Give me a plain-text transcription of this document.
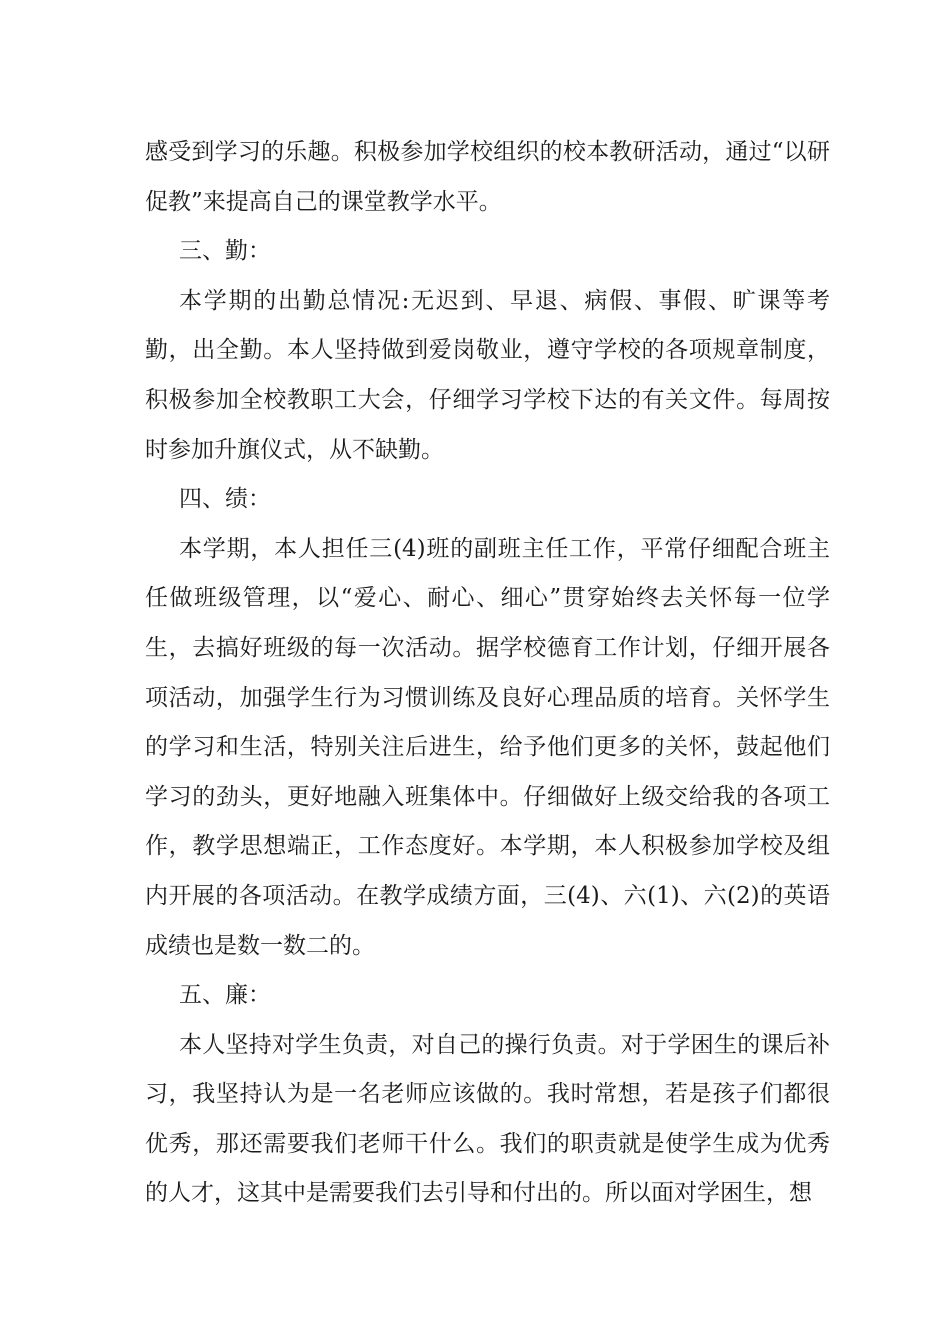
感受到学习的乐趣。积极参加学校组织的校本教研活动，通过“以研促教”来提高自己的课堂教学水平。

三、勤：

本学期的出勤总情况:无迟到、早退、病假、事假、旷课等考勤，出全勤。本人坚持做到爱岗敬业，遵守学校的各项规章制度，积极参加全校教职工大会，仔细学习学校下达的有关文件。每周按时参加升旗仪式，从不缺勤。

四、绩：

本学期，本人担任三(4)班的副班主任工作，平常仔细配合班主任做班级管理，以“爱心、耐心、细心”贯穿始终去关怀每一位学生，去搞好班级的每一次活动。据学校德育工作计划，仔细开展各项活动，加强学生行为习惯训练及良好心理品质的培育。关怀学生的学习和生活，特别关注后进生，给予他们更多的关怀，鼓起他们学习的劲头，更好地融入班集体中。仔细做好上级交给我的各项工作，教学思想端正，工作态度好。本学期，本人积极参加学校及组内开展的各项活动。在教学成绩方面，三(4)、六(1)、六(2)的英语成绩也是数一数二的。

五、廉：

本人坚持对学生负责，对自己的操行负责。对于学困生的课后补习，我坚持认为是一名老师应该做的。我时常想，若是孩子们都很优秀，那还需要我们老师干什么。我们的职责就是使学生成为优秀的人才，这其中是需要我们去引导和付出的。所以面对学困生，想
